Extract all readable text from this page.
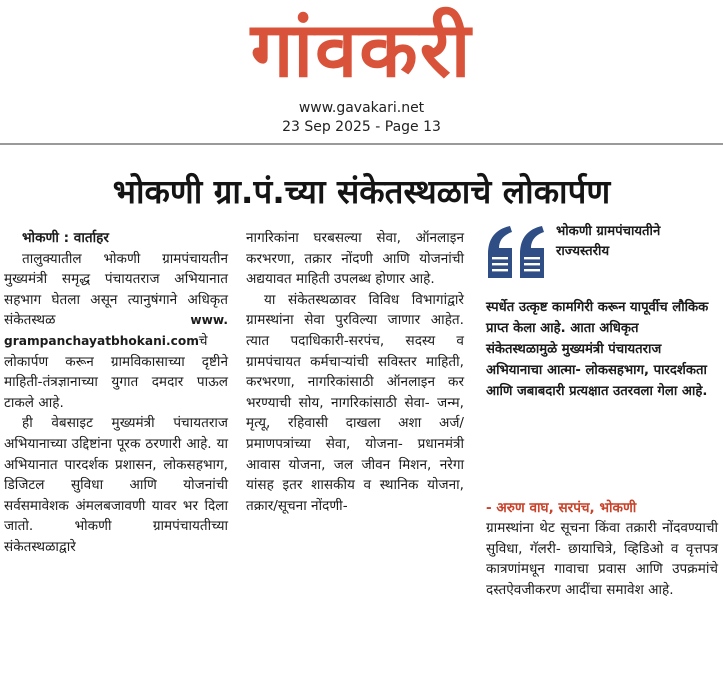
गांवकरी
www.gavakari.net
23 Sep 2025 - Page 13
भोकणी ग्रा.पं.च्या संकेतस्थळाचे लोकार्पण

भोकणी : वार्ताहर

तालुक्यातील भोकणी ग्रामपंचायतीन मुख्यमंत्री समृद्ध पंचायतराज अभियानात सहभाग घेतला असून त्यानुषंगाने अधिकृत संकेतस्थळ www. grampanchayatbhokani.comचे लोकार्पण करून ग्रामविकासाच्या दृष्टीने माहिती-तंत्रज्ञानाच्या युगात दमदार पाऊल टाकले आहे.

ही वेबसाइट मुख्यमंत्री पंचायतराज अभियानाच्या उद्दिष्टांना पूरक ठरणारी आहे. या अभियानात पारदर्शक प्रशासन, लोकसहभाग, डिजिटल सुविधा आणि योजनांची सर्वसमावेशक अंमलबजावणी यावर भर दिला जातो. भोकणी ग्रामपंचायतीच्या संकेतस्थळाद्वारे

नागरिकांना घरबसल्या सेवा, ऑनलाइन करभरणा, तक्रार नोंदणी आणि योजनांची अद्ययावत माहिती उपलब्ध होणार आहे.

या संकेतस्थळावर विविध विभागांद्वारे ग्रामस्थांना सेवा पुरविल्या जाणार आहेत. त्यात पदाधिकारी-सरपंच, सदस्य व ग्रामपंचायत कर्मचाऱ्यांची सविस्तर माहिती, करभरणा, नागरिकांसाठी ऑनलाइन कर भरण्याची सोय, नागरिकांसाठी सेवा- जन्म, मृत्यू, रहिवासी दाखला अशा अर्ज/ प्रमाणपत्रांच्या सेवा, योजना- प्रधानमंत्री आवास योजना, जल जीवन मिशन, नरेगा यांसह इतर शासकीय व स्थानिक योजना, तक्रार/सूचना नोंदणी-

भोकणी ग्रामपंचायतीने राज्यस्तरीय
स्पर्धेत उत्कृष्ट कामगिरी करून यापूर्वीच लौकिक प्राप्त केला आहे. आता अधिकृत संकेतस्थळामुळे मुख्यमंत्री पंचायतराज अभियानाचा आत्मा- लोकसहभाग, पारदर्शकता आणि जबाबदारी प्रत्यक्षात उतरवला गेला आहे.
- अरुण वाघ, सरपंच, भोकणी

ग्रामस्थांना थेट सूचना किंवा तक्रारी नोंदवण्याची सुविधा, गॅलरी- छायाचित्रे, व्हिडिओ व वृत्तपत्र कात्रणांमधून गावाचा प्रवास आणि उपक्रमांचे दस्तऐवजीकरण आदींचा समावेश आहे.
